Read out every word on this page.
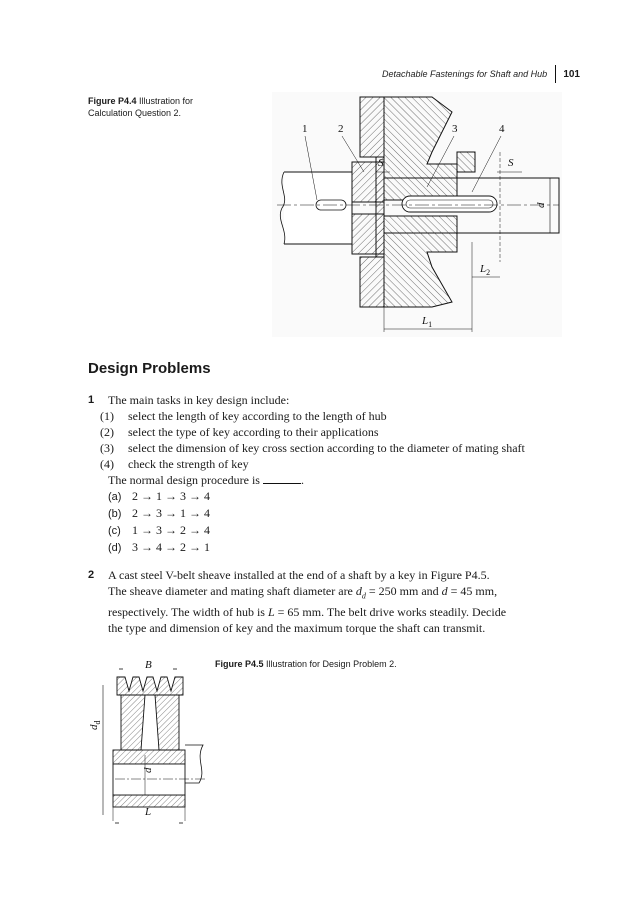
Detachable Fastenings for Shaft and Hub 101
Figure P4.4 Illustration for Calculation Question 2.
1	2	3	4
S	S
d
$L_2$
$L_1$
Design Problems
1 The main tasks in key design include:
(1) select the length of key according to the length of hub
(2) select the type of key according to their applications
(3) select the dimension of key cross section according to the diameter of mating shaft
(4) check the strength of key
The normal design procedure is	.
(a) 2 → 1 → 3 → 4
(b) 2 → 3 → 1 → 4
(c) 1 → 3 → 2 → 4
(d) 3 → 4 → 2 → 1
2 A cast steel V-belt sheave installed at the end of a shaft by a key in Figure P4.5.
The sheave diameter and mating shaft diameter are $d_d = 250$ mm and d = 45 mm,
respectively. The width of hub is L = 65 mm. The belt drive works steadily. Decide
the type and dimension of key and the maximum torque the shaft can transmit.
Figure P4.5 Illustration for Design Problem 2.
B
$d_d$
d
L
